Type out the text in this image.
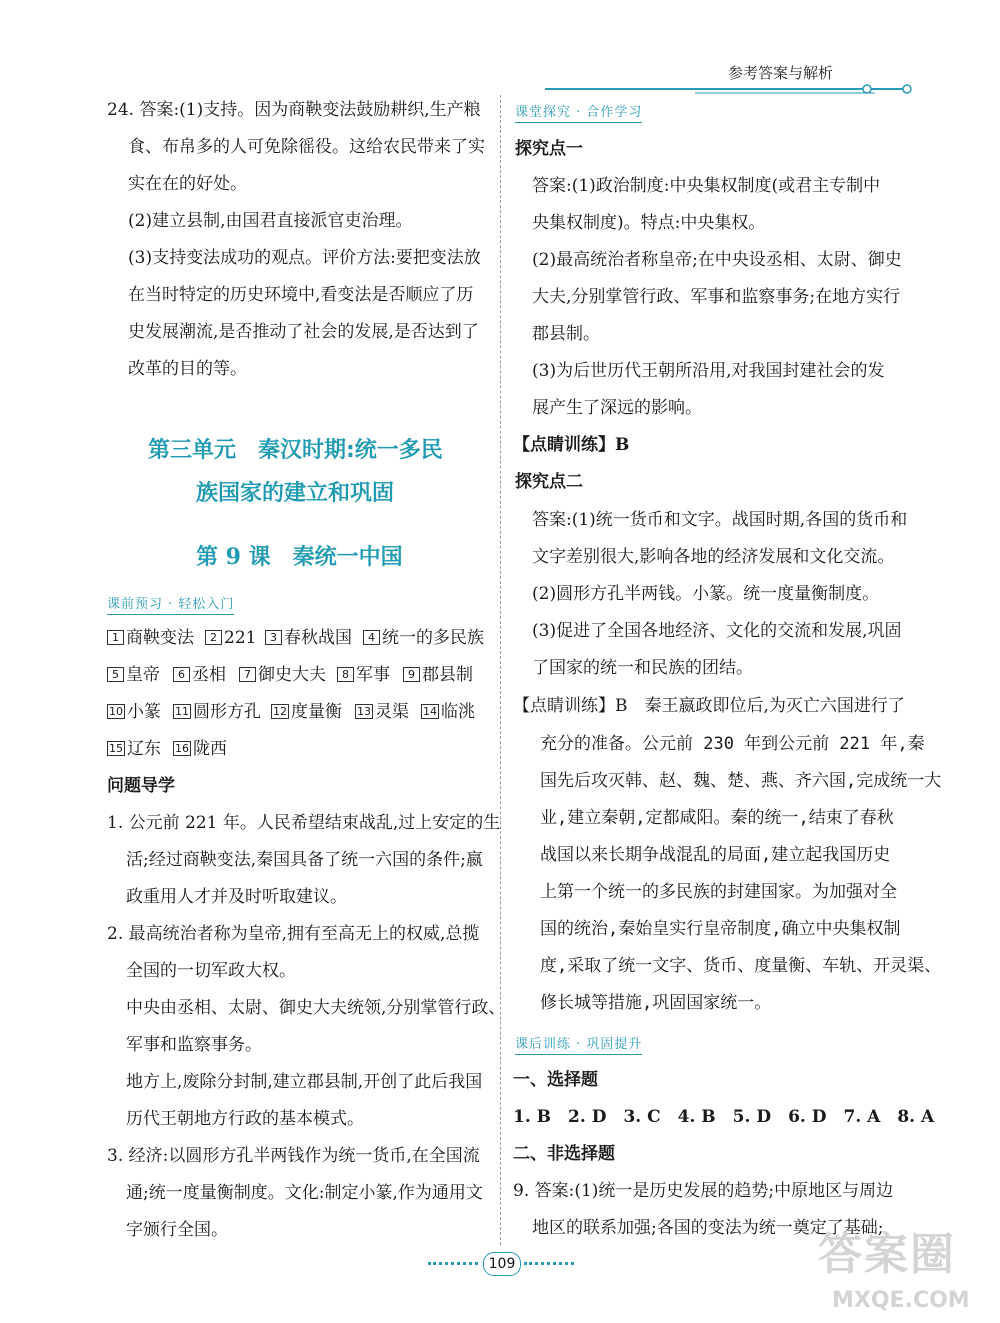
参考答案与解析
24. 答案:(1)支持。因为商鞅变法鼓励耕织,生产粮
食、布帛多的人可免除徭役。这给农民带来了实
实在在的好处。
(2)建立县制,由国君直接派官吏治理。
(3)支持变法成功的观点。评价方法:要把变法放
在当时特定的历史环境中,看变法是否顺应了历
史发展潮流,是否推动了社会的发展,是否达到了
改革的目的等。
第三单元　秦汉时期:统一多民
族国家的建立和巩固
第 9 课　秦统一中国
课前预习 · 轻松入门
1 商鞅变法	2 221	3 春秋战国	4 统一的多民族
5 皇帝	6 丞相	7 御史大夫	8 军事	9 郡县制
10 小篆 11 圆形方孔 12 度量衡 13 灵渠 14 临洮
15 辽东 16 陇西
问题导学
1. 公元前 221 年。人民希望结束战乱,过上安定的生
活;经过商鞅变法,秦国具备了统一六国的条件;嬴
政重用人才并及时听取建议。
2. 最高统治者称为皇帝,拥有至高无上的权威,总揽
全国的一切军政大权。
中央由丞相、太尉、御史大夫统领,分别掌管行政、
军事和监察事务。
地方上,废除分封制,建立郡县制,开创了此后我国
历代王朝地方行政的基本模式。
3. 经济:以圆形方孔半两钱作为统一货币,在全国流
通;统一度量衡制度。文化:制定小篆,作为通用文
字颁行全国。
课堂探究 · 合作学习
探究点一
答案:(1)政治制度:中央集权制度(或君主专制中
央集权制度)。特点:中央集权。
(2)最高统治者称皇帝;在中央设丞相、太尉、御史
大夫,分别掌管行政、军事和监察事务;在地方实行
郡县制。
(3)为后世历代王朝所沿用,对我国封建社会的发
展产生了深远的影响。
【点睛训练】B
探究点二
答案:(1)统一货币和文字。战国时期,各国的货币和
文字差别很大,影响各地的经济发展和文化交流。
(2)圆形方孔半两钱。小篆。统一度量衡制度。
(3)促进了全国各地经济、文化的交流和发展,巩固
了国家的统一和民族的团结。
【点睛训练】B　秦王嬴政即位后,为灭亡六国进行了
充分的准备。公元前 230 年到公元前 221 年,秦
国先后攻灭韩、赵、魏、楚、燕、齐六国,完成统一大
业,建立秦朝,定都咸阳。秦的统一,结束了春秋
战国以来长期争战混乱的局面,建立起我国历史
上第一个统一的多民族的封建国家。为加强对全
国的统治,秦始皇实行皇帝制度,确立中央集权制
度,采取了统一文字、货币、度量衡、车轨、开灵渠、
修长城等措施,巩固国家统一。
课后训练 · 巩固提升
一、选择题
1. B　2. D　3. C　4. B　5. D　6. D　7. A　8. A
二、非选择题
9. 答案:(1)统一是历史发展的趋势;中原地区与周边
地区的联系加强;各国的变法为统一奠定了基础;
109	答案圈
MXQE.COM
